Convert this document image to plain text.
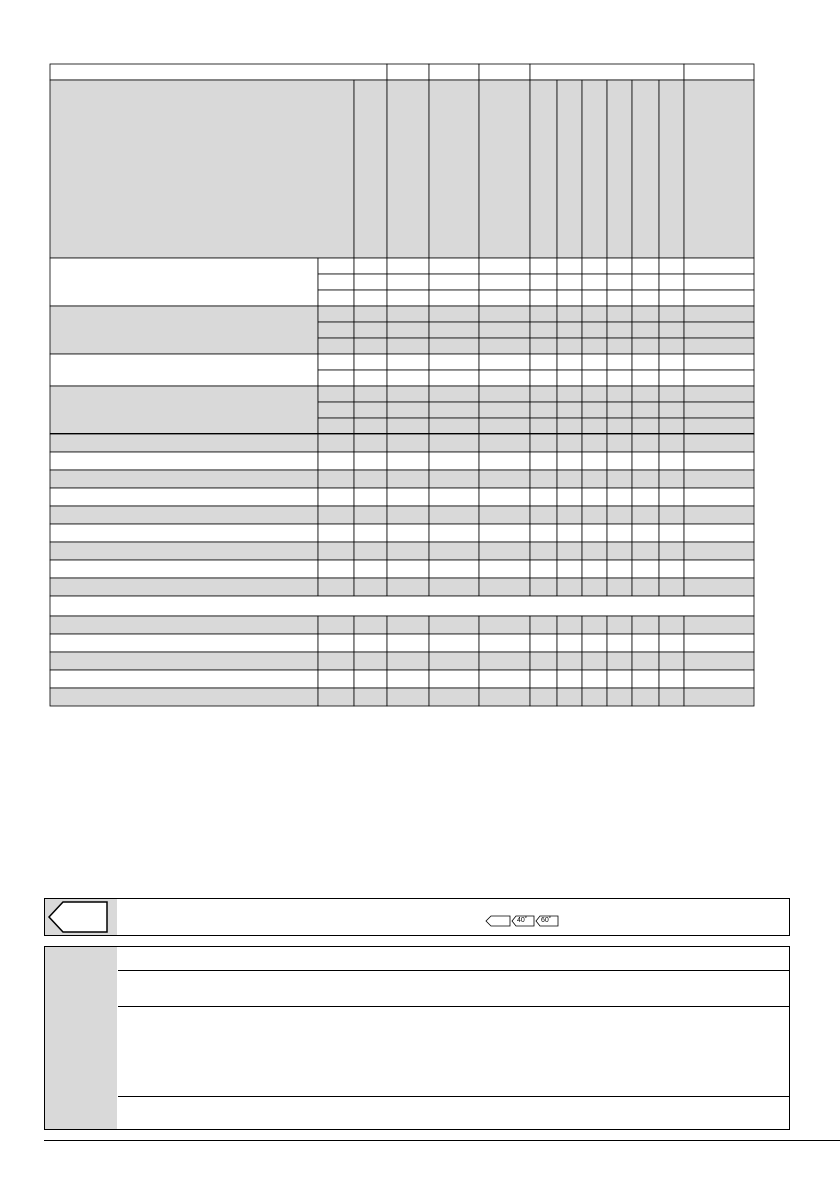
40˚ 60˚
